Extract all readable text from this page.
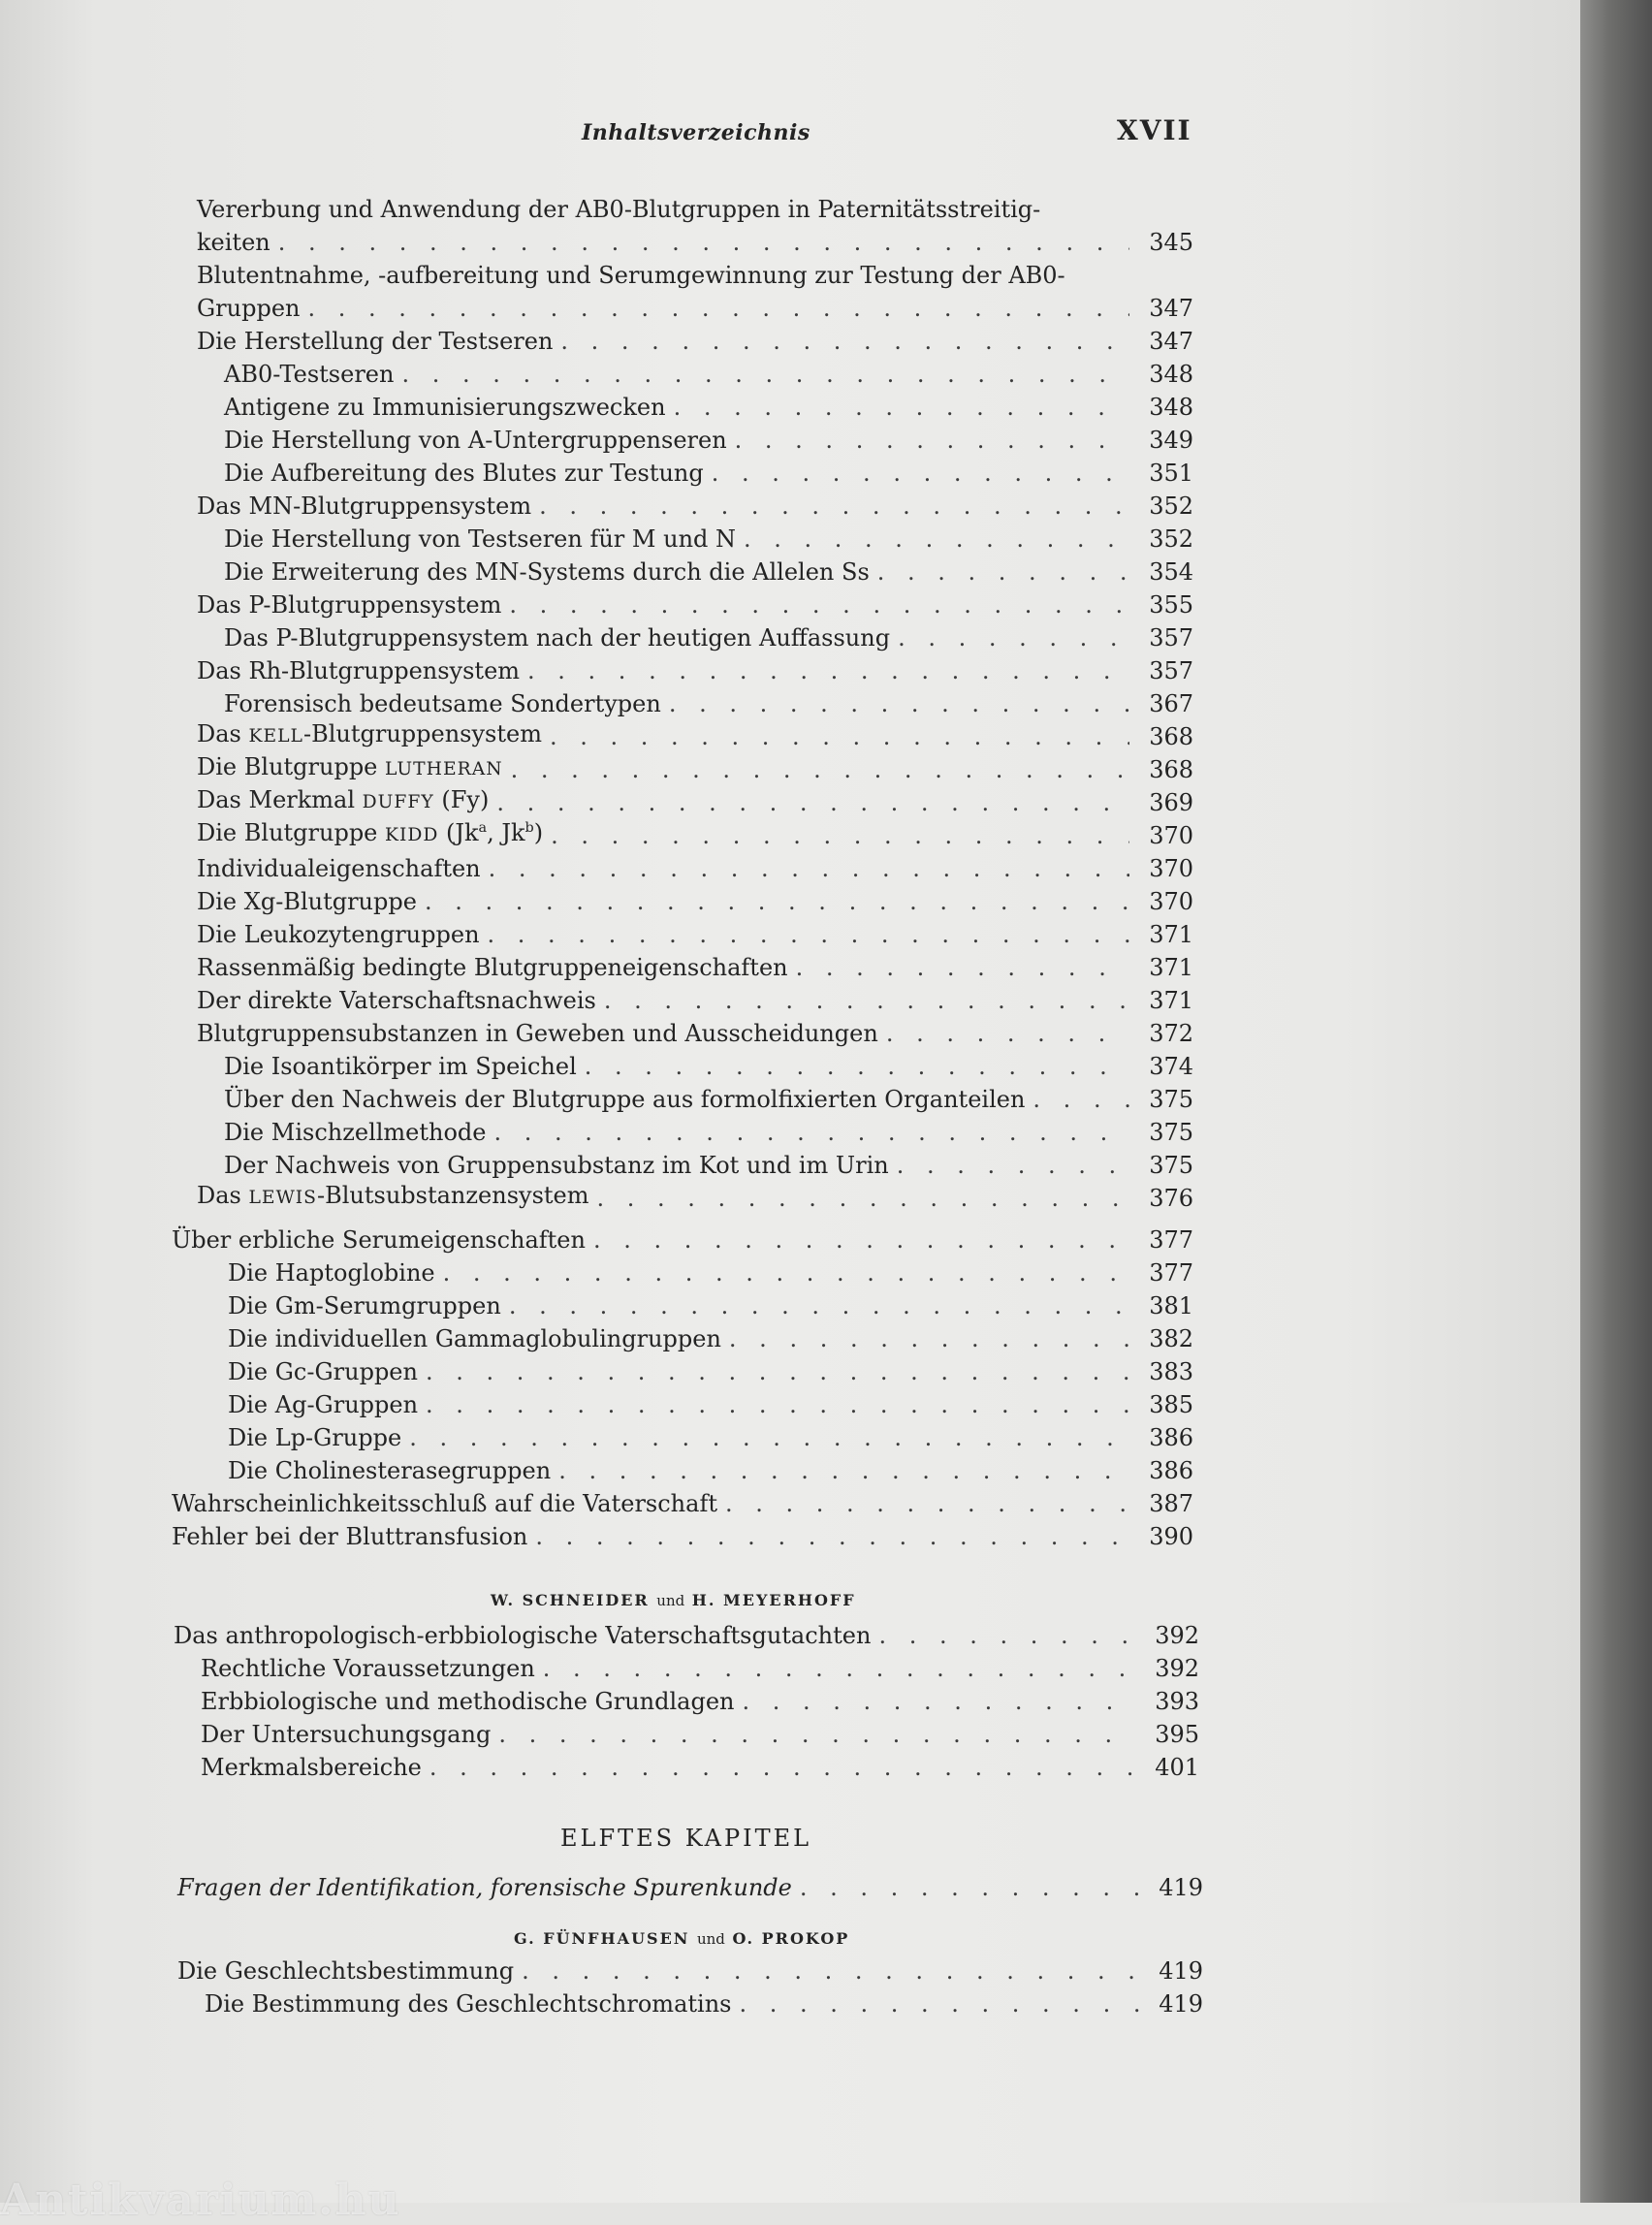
Inhaltsverzeichnis	XVII
Vererbung und Anwendung der AB0-Blutgruppen in Paternitätsstreitig-
keiten . . .	345
Blutentnahme, -aufbereitung und Serumgewinnung zur Testung der AB0-
Gruppen . . .	347
Die Herstellung der Testseren . . .	347
AB0-Testseren . . .	348
Antigene zu Immunisierungszwecken . . .	348
Die Herstellung von A-Untergruppenseren . . .	349
Die Aufbereitung des Blutes zur Testung . . .	351
Das MN-Blutgruppensystem . . .	352
Die Herstellung von Testseren für M und N . . .	352
Die Erweiterung des MN-Systems durch die Allelen Ss . . .	354
Das P-Blutgruppensystem . . .	355
Das P-Blutgruppensystem nach der heutigen Auffassung . . .	357
Das Rh-Blutgruppensystem . . .	357
Forensisch bedeutsame Sondertypen . . .	367
Das KELL-Blutgruppensystem . . .	368
Die Blutgruppe LUTHERAN . . .	368
Das Merkmal DUFFY (Fy) . . .	369
Die Blutgruppe KIDD (Jk$^a$, Jk$^b$) . . .	370
Individualeigenschaften . . .	370
Die Xg-Blutgruppe . . .	370
Die Leukozytengruppen . . .	371
Rassenmäßig bedingte Blutgruppeneigenschaften . . .	371
Der direkte Vaterschaftsnachweis . . .	371
Blutgruppensubstanzen in Geweben und Ausscheidungen . . .	372
Die Isoantikörper im Speichel . . .	374
Über den Nachweis der Blutgruppe aus formolfixierten Organteilen . . .	375
Die Mischzellmethode . . .	375
Der Nachweis von Gruppensubstanz im Kot und im Urin . . .	375
Das LEWIS-Blutsubstanzensystem . . .	376
Über erbliche Serumeigenschaften . . .	377
Die Haptoglobine . . .	377
Die Gm-Serumgruppen . . .	381
Die individuellen Gammaglobulingruppen . . .	382
Die Gc-Gruppen . . .	383
Die Ag-Gruppen . . .	385
Die Lp-Gruppe . . .	386
Die Cholinesterasegruppen . . .	386
Wahrscheinlichkeitsschluß auf die Vaterschaft . . .	387
Fehler bei der Bluttransfusion . . .	390
W. SCHNEIDER und H. MEYERHOFF
Das anthropologisch-erbbiologische Vaterschaftsgutachten . . .	392
Rechtliche Voraussetzungen . . .	392
Erbbiologische und methodische Grundlagen . . .	393
Der Untersuchungsgang . . .	395
Merkmalsbereiche . . .	401
ELFTES KAPITEL
Fragen der Identifikation, forensische Spurenkunde . . .	419
G. FÜNFHAUSEN und O. PROKOP
Die Geschlechtsbestimmung . . .	419
Die Bestimmung des Geschlechtschromatins . . .	419
Antikvarium.hu
